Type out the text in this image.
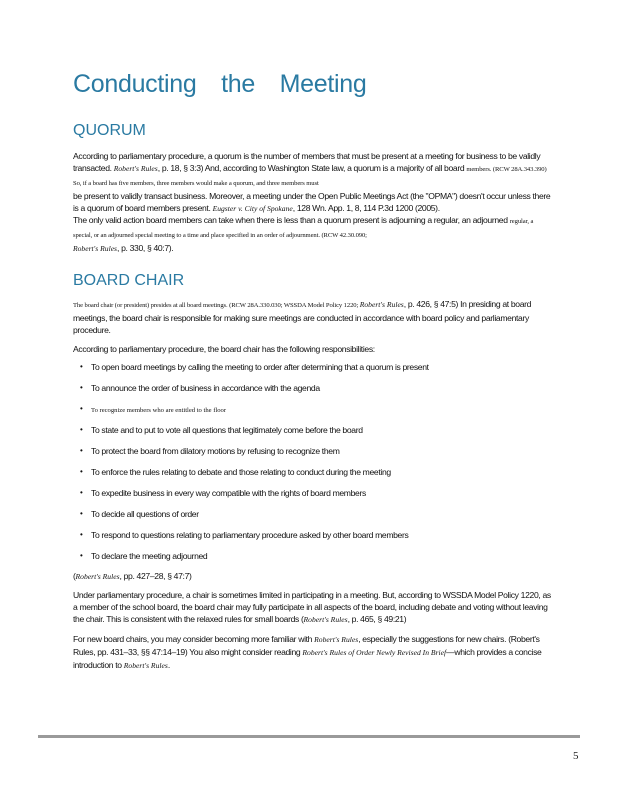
Conducting the Meeting
QUORUM

According to parliamentary procedure, a quorum is the number of members that must be present at a meeting for business to be validly transacted. Robert's Rules, p. 18, § 3:3) And, according to Washington State law, a quorum is a majority of all board members. (RCW 28A.343.390) So, if a board has five members, three members would make a quorum, and three members must
be present to validly transact business. Moreover, a meeting under the Open Public Meetings Act (the "OPMA") doesn't occur unless there is a quorum of board members present. Eugster v. City of Spokane, 128 Wn. App. 1, 8, 114 P.3d 1200 (2005).

The only valid action board members can take when there is less than a quorum present is adjourning a regular, an adjourned regular, a special, or an adjourned special meeting to a time and place specified in an order of adjournment. (RCW 42.30.090;
Robert's Rules, p. 330, § 40:7).

BOARD CHAIR

The board chair (or president) presides at all board meetings. (RCW 28A.330.030; WSSDA Model Policy 1220; Robert's Rules, p. 426, § 47:5) In presiding at board meetings, the board chair is responsible for making sure meetings are conducted in accordance with board policy and parliamentary procedure.

According to parliamentary procedure, the board chair has the following responsibilities:

• To open board meetings by calling the meeting to order after determining that a quorum is present
• To announce the order of business in accordance with the agenda
• To recognize members who are entitled to the floor
• To state and to put to vote all questions that legitimately come before the board
• To protect the board from dilatory motions by refusing to recognize them
• To enforce the rules relating to debate and those relating to conduct during the meeting
• To expedite business in every way compatible with the rights of board members
• To decide all questions of order
• To respond to questions relating to parliamentary procedure asked by other board members
• To declare the meeting adjourned

(Robert's Rules, pp. 427–28, § 47:7)

Under parliamentary procedure, a chair is sometimes limited in participating in a meeting. But, according to WSSDA Model Policy 1220, as a member of the school board, the board chair may fully participate in all aspects of the board, including debate and voting without leaving the chair. This is consistent with the relaxed rules for small boards (Robert's Rules, p. 465, § 49:21)

For new board chairs, you may consider becoming more familiar with Robert's Rules, especially the suggestions for new chairs. (Robert's Rules, pp. 431–33, §§ 47:14–19) You also might consider reading Robert's Rules of Order Newly Revised In Brief—which provides a concise introduction to Robert's Rules.

5
